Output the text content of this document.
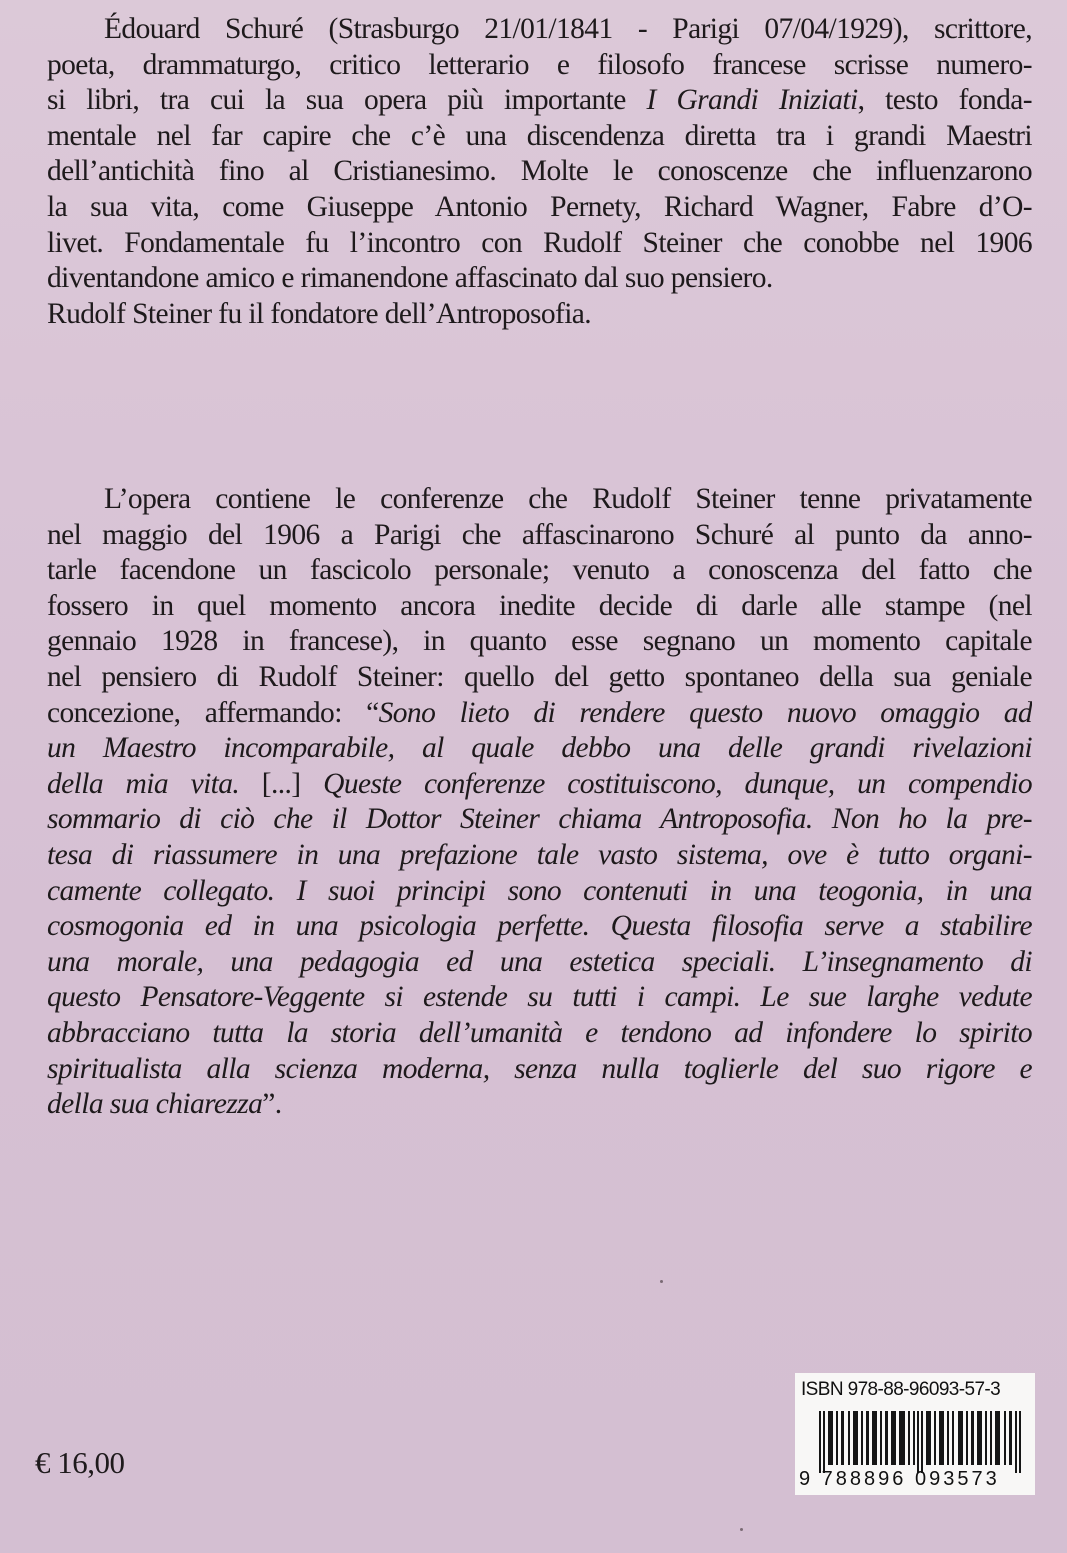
Édouard Schuré (Strasburgo 21/01/1841 - Parigi 07/04/1929), scrittore,
poeta, drammaturgo, critico letterario e filosofo francese scrisse numero-
si libri, tra cui la sua opera più importante I Grandi Iniziati, testo fonda-
mentale nel far capire che c’è una discendenza diretta tra i grandi Maestri
dell’antichità fino al Cristianesimo. Molte le conoscenze che influenzarono
la sua vita, come Giuseppe Antonio Pernety, Richard Wagner, Fabre d’O-
livet. Fondamentale fu l’incontro con Rudolf Steiner che conobbe nel 1906
diventandone amico e rimanendone affascinato dal suo pensiero.
Rudolf Steiner fu il fondatore dell’Antroposofia.
L’opera contiene le conferenze che Rudolf Steiner tenne privatamente
nel maggio del 1906 a Parigi che affascinarono Schuré al punto da anno-
tarle facendone un fascicolo personale; venuto a conoscenza del fatto che
fossero in quel momento ancora inedite decide di darle alle stampe (nel
gennaio 1928 in francese), in quanto esse segnano un momento capitale
nel pensiero di Rudolf Steiner: quello del getto spontaneo della sua geniale
concezione, affermando: “Sono lieto di rendere questo nuovo omaggio ad
un Maestro incomparabile, al quale debbo una delle grandi rivelazioni
della mia vita. [...] Queste conferenze costituiscono, dunque, un compendio
sommario di ciò che il Dottor Steiner chiama Antroposofia. Non ho la pre-
tesa di riassumere in una prefazione tale vasto sistema, ove è tutto organi-
camente collegato. I suoi principi sono contenuti in una teogonia, in una
cosmogonia ed in una psicologia perfette. Questa filosofia serve a stabilire
una morale, una pedagogia ed una estetica speciali. L’insegnamento di
questo Pensatore-Veggente si estende su tutti i campi. Le sue larghe vedute
abbracciano tutta la storia dell’umanità e tendono ad infondere lo spirito
spiritualista alla scienza moderna, senza nulla toglierle del suo rigore e
della sua chiarezza”.
€ 16,00
ISBN 978-88-96093-57-3
9 788896 093573
